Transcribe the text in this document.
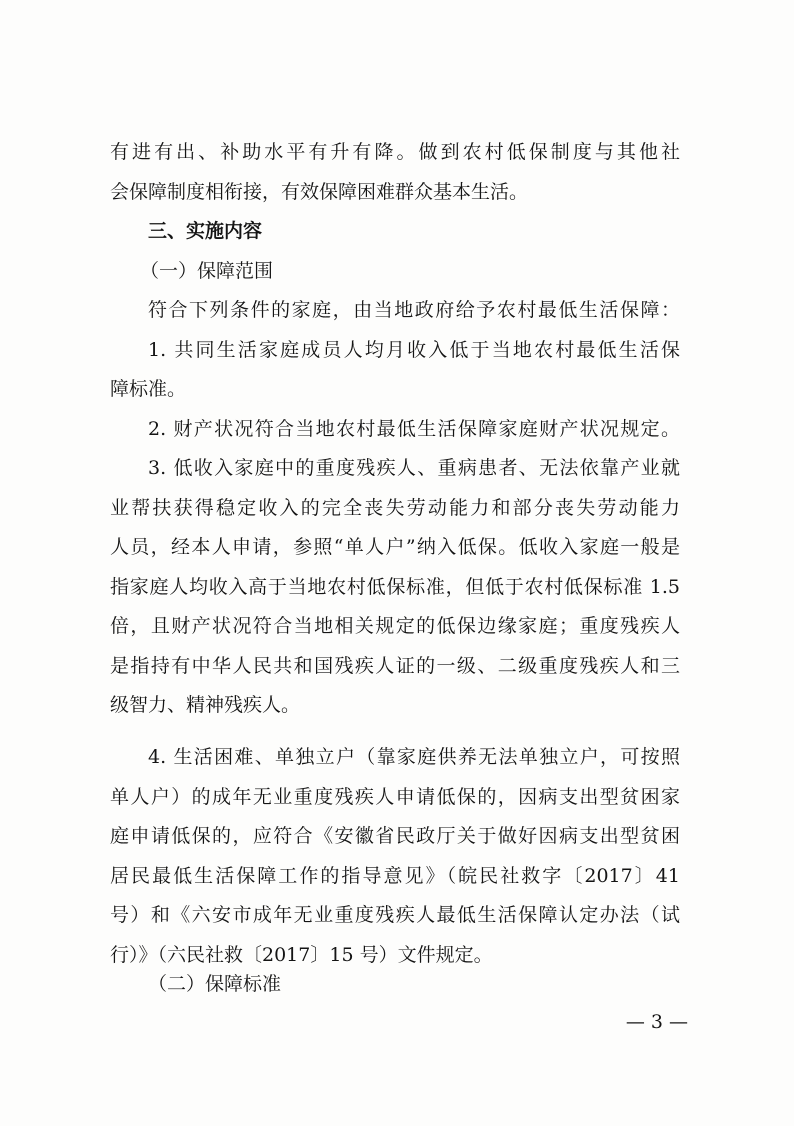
有进有出、补助水平有升有降。做到农村低保制度与其他社
会保障制度相衔接，有效保障困难群众基本生活。
三、实施内容
（一）保障范围
符合下列条件的家庭，由当地政府给予农村最低生活保障：
1. 共同生活家庭成员人均月收入低于当地农村最低生活保
障标准。
2. 财产状况符合当地农村最低生活保障家庭财产状况规定。
3. 低收入家庭中的重度残疾人、重病患者、无法依靠产业就
业帮扶获得稳定收入的完全丧失劳动能力和部分丧失劳动能力
人员，经本人申请，参照“单人户”纳入低保。低收入家庭一般是
指家庭人均收入高于当地农村低保标准，但低于农村低保标准 1.5
倍，且财产状况符合当地相关规定的低保边缘家庭；重度残疾人
是指持有中华人民共和国残疾人证的一级、二级重度残疾人和三
级智力、精神残疾人。
4. 生活困难、单独立户（靠家庭供养无法单独立户，可按照
单人户）的成年无业重度残疾人申请低保的，因病支出型贫困家
庭申请低保的，应符合《安徽省民政厅关于做好因病支出型贫困
居民最低生活保障工作的指导意见》（皖民社救字〔2017〕41
号）和《六安市成年无业重度残疾人最低生活保障认定办法（试
行）》（六民社救〔2017〕15 号）文件规定。
（二）保障标准
— 3 —
